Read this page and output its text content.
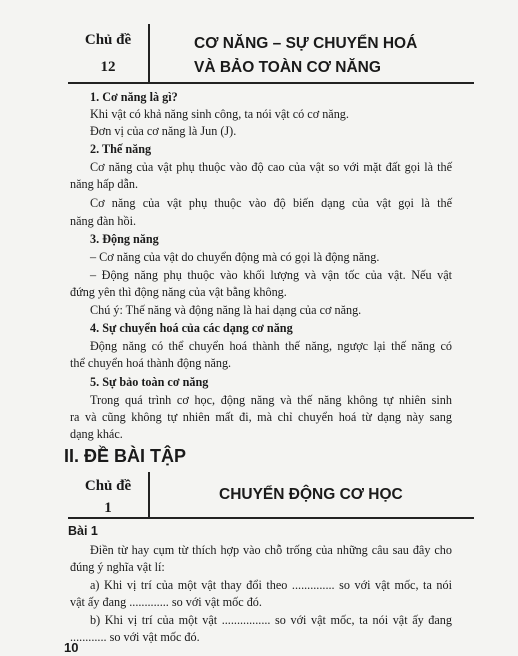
Chủ đề
12
CƠ NĂNG – SỰ CHUYỂN HOÁ
VÀ BẢO TOÀN CƠ NĂNG
1. Cơ năng là gì?
Khi vật có khả năng sinh công, ta nói vật có cơ năng.
Đơn vị của cơ năng là Jun (J).
2. Thế năng
Cơ năng của vật phụ thuộc vào độ cao của vật so với mặt đất gọi là thế
năng hấp dẫn.
Cơ năng của vật phụ thuộc vào độ biến dạng của vật gọi là thế
năng đàn hồi.
3. Động năng
– Cơ năng của vật do chuyển động mà có gọi là động năng.
– Động năng phụ thuộc vào khối lượng và vận tốc của vật. Nếu vật
đứng yên thì động năng của vật bằng không.
Chú ý: Thế năng và động năng là hai dạng của cơ năng.
4. Sự chuyển hoá của các dạng cơ năng
Động năng có thể chuyển hoá thành thế năng, ngược lại thế năng có
thể chuyển hoá thành động năng.
5. Sự bảo toàn cơ năng
Trong quá trình cơ học, động năng và thế năng không tự nhiên sinh
ra và cũng không tự nhiên mất đi, mà chỉ chuyển hoá từ dạng này sang
Chủ đề
1
CHUYỂN ĐỘNG CƠ HỌC
Bài 1
Điền từ hay cụm từ thích hợp vào chỗ trống của những câu sau đây cho
đúng ý nghĩa vật lí:
a) Khi vị trí của một vật thay đổi theo .............. so với vật mốc, ta nói
vật ấy đang ............. so với vật mốc đó.
b) Khi vị trí của một vật ................ so với vật mốc, ta nói vật ấy đang
............ so với vật mốc đó.
10
dạng khác.
II. ĐỀ BÀI TẬP
